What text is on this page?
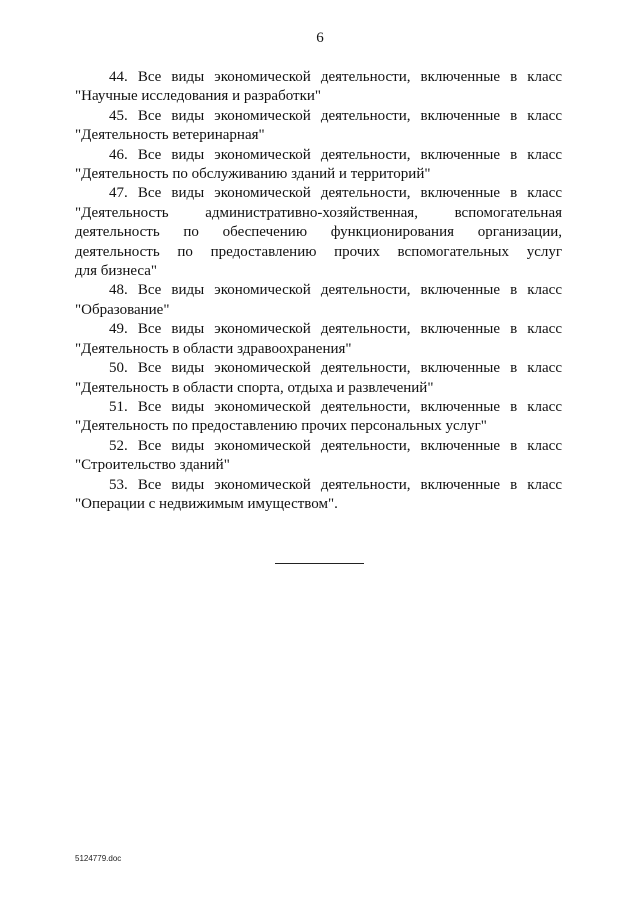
6

44. Все виды экономической деятельности, включенные в класс

"Научные исследования и разработки"

45. Все виды экономической деятельности, включенные в класс

"Деятельность ветеринарная"

46. Все виды экономической деятельности, включенные в класс

"Деятельность по обслуживанию зданий и территорий"

47. Все виды экономической деятельности, включенные в класс

"Деятельность административно-хозяйственная, вспомогательная
деятельность по обеспечению функционирования организации,
деятельность по предоставлению прочих вспомогательных услуг
для бизнеса"

48. Все виды экономической деятельности, включенные в класс

"Образование"

49. Все виды экономической деятельности, включенные в класс

"Деятельность в области здравоохранения"

50. Все виды экономической деятельности, включенные в класс

"Деятельность в области спорта, отдыха и развлечений"

51. Все виды экономической деятельности, включенные в класс

"Деятельность по предоставлению прочих персональных услуг"

52. Все виды экономической деятельности, включенные в класс

"Строительство зданий"

53. Все виды экономической деятельности, включенные в класс

"Операции с недвижимым имуществом".

5124779.doc
